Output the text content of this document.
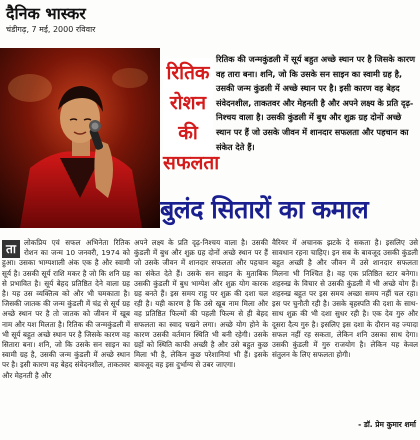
दैनिक भास्कर
चंडीगढ़, 7 मई, 2000 रविवार
रितिक
रोशन
की
सफलता

रितिक की जन्मकुंडली में सूर्य बहुत अच्छे स्थान पर है जिसके कारण वह तारा बना। शनि, जो कि उसके सन साइन का स्वामी ग्रह है, उसकी जन्म कुंडली में अच्छे स्थान पर है। इसी कारण वह बेहद संवेदनशील, ताकतवर और मेहनती है और अपने लक्ष्य के प्रति दृढ़-निश्चय वाला है। उसकी कुंडली में बुध और शुक्र ग्रह दोनों अच्छे स्थान पर हैं जो उसके जीवन में शानदार सफलता और पहचान का संकेत देते हैं।

बुलंद सितारों का कमाल
ता	लोकप्रिय एवं सफल अभिनेता रितिक रोशन का जन्म 10 जनवरी, 1974 को हुआ। उसका भाग्यशाली अंक एक है और स्वामी सूर्य है। उसकी सूर्य राशि मकर है जो कि शनि ग्रह से प्रभावित है। सूर्य बेहद प्रतिष्ठित देने वाला ग्रह है। यह उस व्यक्तित्व को और भी चमकाता है। जिसकी जातक की जन्म कुंडली में चंद्र से सूर्य ग्रह अच्छे स्थान पर है तो जातक को जीवन में खूब नाम और यश मिलता है। रितिक की जन्मकुंडली में भी सूर्य बहुत अच्छे स्थान पर है जिसके कारण वह सितारा बना। शनि, जो कि उसके सन साइन का स्वामी ग्रह है, उसकी जन्म कुंडली में अच्छे स्थान पर है। इसी कारण वह बेहद संवेदनशील, ताकतवर और मेहनती है और

अपने लक्ष्य के प्रति दृढ़-निश्चय वाला है। उसकी कुंडली में बुध और शुक्र ग्रह दोनों अच्छे स्थान पर हैं जो उसके जीवन में शानदार सफलता और पहचान का संकेत देते हैं। उसके सन साइन के मुताबिक उसकी कुंडली में बुध भाग्येश और शुक्र योग कारक ग्रह बनते हैं। इस समय राहु पर शुक्र की दशा चल रही है। यही कारण है कि उसे खूब नाम मिला और वह प्रतिष्ठित फिल्मों की पहली फिल्म से ही बेहद सफलता का स्वाद चखने लगा। अच्छे योग होने के कारण उसकी वर्तमान स्थिति भी बनी रहेगी। उसके ग्रहों को स्थिति काफी अच्छी है और उसे बहुत कुछ मिला भी है, लेकिन कुछ परेशानियां भी हैं। इसके बावजूद वह इस दुर्भाग्य से उबर जाएगा।

वैरियर में अचानक झटके दे सकता है। इसलिए उसे सावधान रहना चाहिए। इन सब के बावजूद उसकी कुंडली बहुत अच्छी है और जीवन में उसे शानदार सफलता मिलना भी निश्चित है। वह एक प्रतिष्ठित स्टार बनेगा। शहरुख के विचार से उसकी कुंडली में भी अच्छे योग हैं। शहरुख बहुत पर इस समय अच्छा समय नहीं चल रहा। इस पर चुनौती रही है। उसके बृहस्पति की दशा के साथ-साथ शुक्र की भी दशा सुधर रही है। एक देव गुरु और दूसरा दैत्य गुरु है। इसलिए इस दशा के दौरान वह ज्यादा सफल नहीं रह सकता, लेकिन शनि उसका साथ देगा। उसकी कुंडली में गुरु राजयोग है। लेकिन यह केवल संतुलन के लिए सफलता होगी।

- डॉ. प्रेम कुमार शर्मा
